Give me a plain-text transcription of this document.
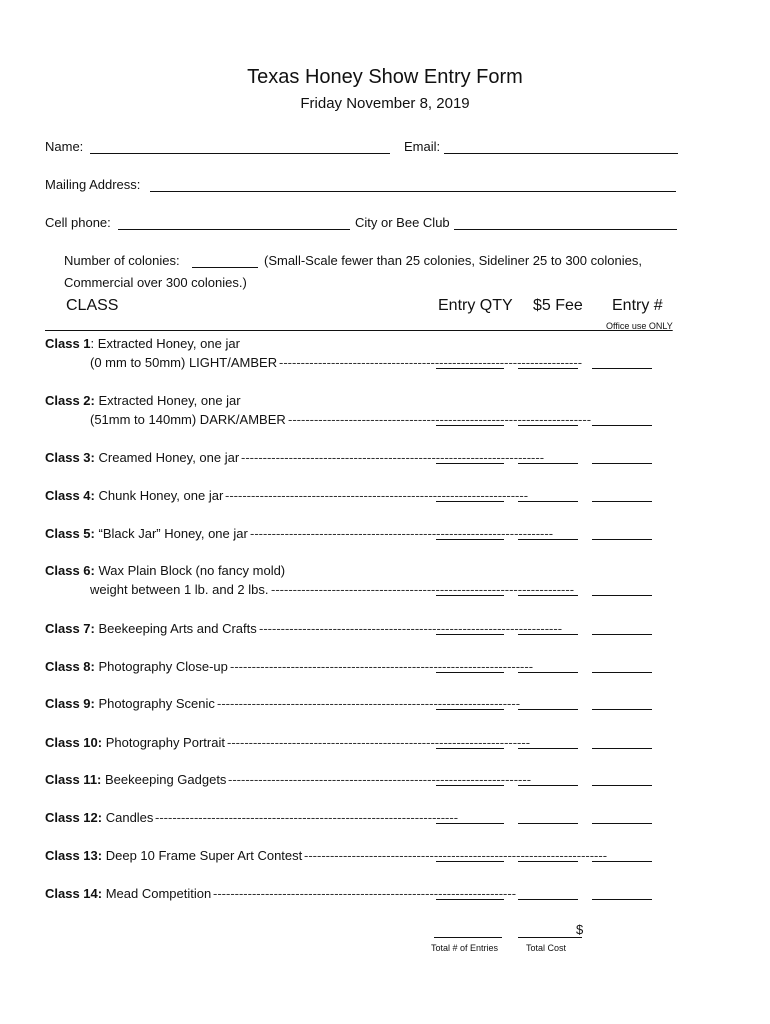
Texas Honey Show Entry Form
Friday November 8, 2019
Name:	Email:
Mailing Address:
Cell phone:	City or Bee Club
Number of colonies:	(Small-Scale fewer than 25 colonies, Sideliner 25 to 300 colonies,
Commercial over 300 colonies.)
CLASS	Entry QTY $5 Fee Entry #
Office use ONLY
Class 1: Extracted Honey, one jar
(0 mm to 50mm) LIGHT/AMBER ----------------------------------------------------------------------
Class 2: Extracted Honey, one jar
(51mm to 140mm) DARK/AMBER ----------------------------------------------------------------------
Class 3: Creamed Honey, one jar ----------------------------------------------------------------------
Class 4: Chunk Honey, one jar ----------------------------------------------------------------------
Class 5: “Black Jar” Honey, one jar ----------------------------------------------------------------------
Class 6: Wax Plain Block (no fancy mold)
weight between 1 lb. and 2 lbs. ----------------------------------------------------------------------
Class 7: Beekeeping Arts and Crafts ----------------------------------------------------------------------
Class 8: Photography Close-up ----------------------------------------------------------------------
Class 9: Photography Scenic ----------------------------------------------------------------------
Class 10: Photography Portrait ----------------------------------------------------------------------
Class 11: Beekeeping Gadgets ----------------------------------------------------------------------
Class 12: Candles ----------------------------------------------------------------------
Class 13: Deep 10 Frame Super Art Contest ----------------------------------------------------------------------
Class 14: Mead Competition ----------------------------------------------------------------------
$
Total # of Entries	Total Cost
